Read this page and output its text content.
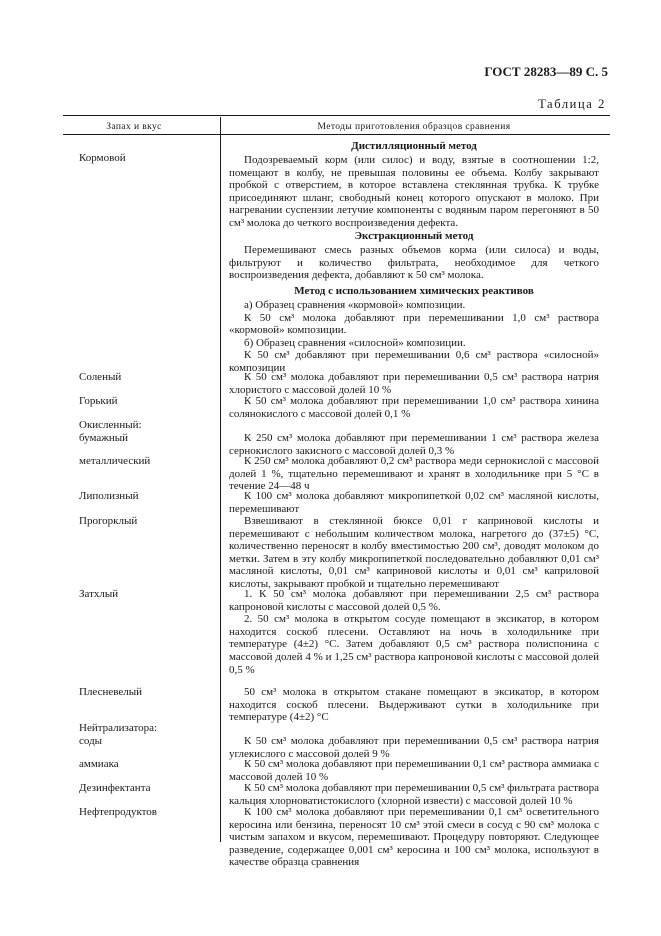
ГОСТ 28283—89 С. 5
Таблица 2
Запах и вкус	Методы приготовления образцов сравнения
Дистилляционный метод
Кормовой	Подозреваемый корм (или силос) и воду, взятые в соотношении 1:2, помещают в колбу, не превышая половины ее объема. Колбу закрывают пробкой с отверстием, в которое вставлена стеклянная трубка. К трубке присоединяют шланг, свободный конец которого опускают в молоко. При нагревании суспензии летучие компоненты с водяным паром перегоняют в 50 см³ молока до четкого воспроизведения дефекта.

Экстракционный метод

Перемешивают смесь разных объемов корма (или силоса) и воды, фильтруют и количество фильтрата, необходимое для четкого воспроизведения дефекта, добавляют к 50 см³ молока.

Метод с использованием химических реактивов

а) Образец сравнения «кормовой» композиции.

К 50 см³ молока добавляют при перемешивании 1,0 см³ раствора «кормовой» композиции.

б) Образец сравнения «силосной» композиции.

К 50 см³ добавляют при перемешивании 0,6 см³ раствора «силосной» композиции

Соленый	К 50 см³ молока добавляют при перемешивании 0,5 см³ раствора натрия хлористого с массовой долей 10 %

Горький	К 50 см³ молока добавляют при перемешивании 1,0 см³ раствора хинина солянокислого с массовой долей 0,1 %

Окисленный:
бумажный	К 250 см³ молока добавляют при перемешивании 1 см³ раствора железа сернокислого закисного с массовой долей 0,3 %

металлический	К 250 см³ молока добавляют 0,2 см³ раствора меди сернокислой с массовой долей 1 %, тщательно перемешивают и хранят в холодильнике при 5 °С в течение 24—48 ч

Липолизный	К 100 см³ молока добавляют микропипеткой 0,02 см³ масляной кислоты, перемешивают

Прогорклый	Взвешивают в стеклянной бюксе 0,01 г каприновой кислоты и перемешивают с небольшим количеством молока, нагретого до (37±5) °С, количественно переносят в колбу вместимостью 200 см³, доводят молоком до метки. Затем в эту колбу микропипеткой последовательно добавляют 0,01 см³ масляной кислоты, 0,01 см³ каприновой кислоты и 0,01 см³ каприловой кислоты, закрывают пробкой и тщательно перемешивают

Затхлый	1. К 50 см³ молока добавляют при перемешивании 2,5 см³ раствора капроновой кислоты с массовой долей 0,5 %.

2. 50 см³ молока в открытом сосуде помещают в эксикатор, в котором находится соскоб плесени. Оставляют на ночь в холодильнике при температуре (4±2) °С. Затем добавляют 0,5 см³ раствора полиспонина с массовой долей 4 % и 1,25 см³ раствора капроновой кислоты с массовой долей 0,5 %

Плесневелый	50 см³ молока в открытом стакане помещают в эксикатор, в котором находится соскоб плесени. Выдерживают сутки в холодильнике при температуре (4±2) °С

Нейтрализатора:
соды	К 50 см³ молока добавляют при перемешивании 0,5 см³ раствора натрия углекислого с массовой долей 9 %

аммиака	К 50 см³ молока добавляют при перемешивании 0,1 см³ раствора аммиака с массовой долей 10 %

Дезинфектанта	К 50 см³ молока добавляют при перемешивании 0,5 см³ фильтрата раствора кальция хлорноватистокислого (хлорной извести) с массовой долей 10 %

Нефтепродуктов	К 100 см³ молока добавляют при перемешивании 0,1 см³ осветительного керосина или бензина, переносят 10 см³ этой смеси в сосуд с 90 см³ молока с чистым запахом и вкусом, перемешивают. Процедуру повторяют. Следующее разведение, содержащее 0,001 см³ керосина и 100 см³ молока, используют в качестве образца сравнения
